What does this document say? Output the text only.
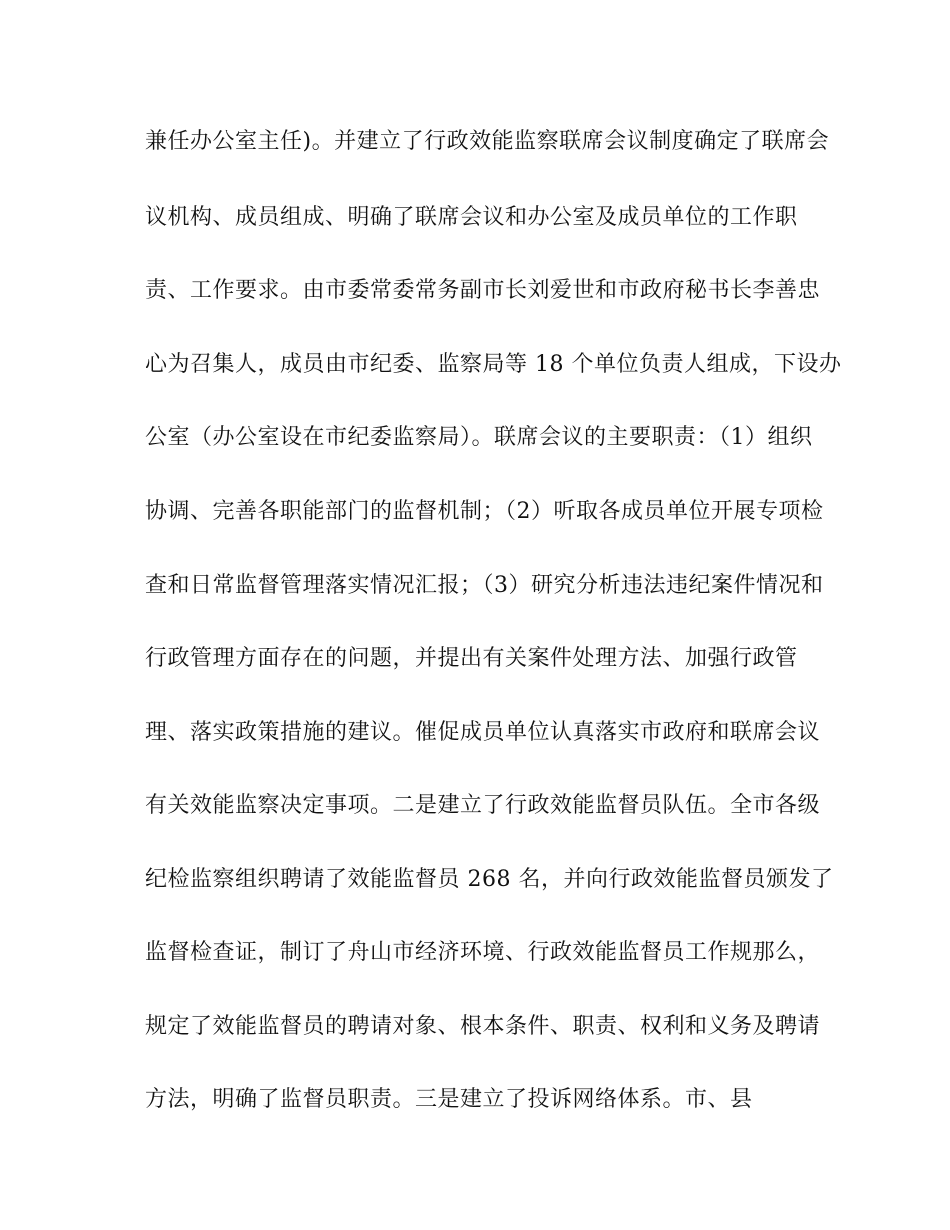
兼任办公室主任)。并建立了行政效能监察联席会议制度确定了联席会
议机构、成员组成、明确了联席会议和办公室及成员单位的工作职
责、工作要求。由市委常委常务副市长刘爱世和市政府秘书长李善忠
心为召集人，成员由市纪委、监察局等 18 个单位负责人组成，下设办
公室（办公室设在市纪委监察局）。联席会议的主要职责：（1）组织
协调、完善各职能部门的监督机制；（2）听取各成员单位开展专项检
查和日常监督管理落实情况汇报；（3）研究分析违法违纪案件情况和
行政管理方面存在的问题，并提出有关案件处理方法、加强行政管
理、落实政策措施的建议。催促成员单位认真落实市政府和联席会议
有关效能监察决定事项。二是建立了行政效能监督员队伍。全市各级
纪检监察组织聘请了效能监督员 268 名，并向行政效能监督员颁发了
监督检查证，制订了舟山市经济环境、行政效能监督员工作规那么，
规定了效能监督员的聘请对象、根本条件、职责、权利和义务及聘请
方法，明确了监督员职责。三是建立了投诉网络体系。市、县
